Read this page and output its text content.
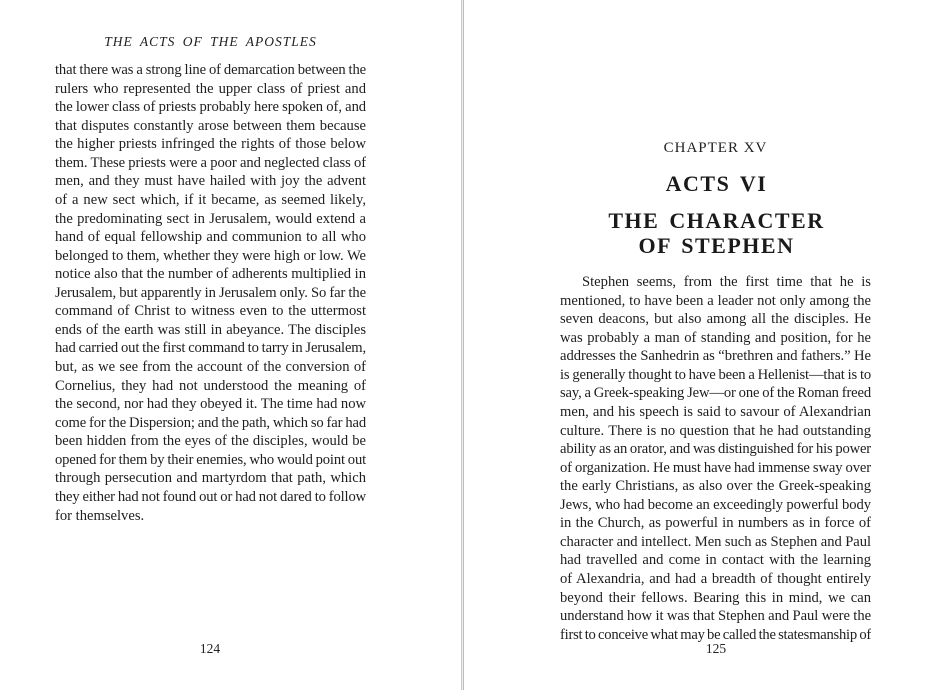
THE ACTS OF THE APOSTLES
that there was a strong line of demarcation between the
rulers who represented the upper class of priest and
the lower class of priests probably here spoken of, and
that disputes constantly arose between them because
the higher priests infringed the rights of those below
them. These priests were a poor and neglected class of
men, and they must have hailed with joy the advent
of a new sect which, if it became, as seemed likely,
the predominating sect in Jerusalem, would extend a
hand of equal fellowship and communion to all who
belonged to them, whether they were high or low. We
notice also that the number of adherents multiplied in
Jerusalem, but apparently in Jerusalem only. So far the
command of Christ to witness even to the uttermost
ends of the earth was still in abeyance. The disciples
had carried out the first command to tarry in Jerusalem,
but, as we see from the account of the conversion of
Cornelius, they had not understood the meaning of
the second, nor had they obeyed it. The time had now
come for the Dispersion; and the path, which so far had
been hidden from the eyes of the disciples, would be
opened for them by their enemies, who would point out
through persecution and martyrdom that path, which
they either had not found out or had not dared to follow
for themselves.
124
CHAPTER XV
ACTS VI
THE CHARACTER
OF STEPHEN
Stephen seems, from the first time that he is
mentioned, to have been a leader not only among the
seven deacons, but also among all the disciples. He
was probably a man of standing and position, for he
addresses the Sanhedrin as “brethren and fathers.” He
is generally thought to have been a Hellenist—that is to
say, a Greek-speaking Jew—or one of the Roman freed
men, and his speech is said to savour of Alexandrian
culture. There is no question that he had outstanding
ability as an orator, and was distinguished for his power
of organization. He must have had immense sway over
the early Christians, as also over the Greek-speaking
Jews, who had become an exceedingly powerful body
in the Church, as powerful in numbers as in force of
character and intellect. Men such as Stephen and Paul
had travelled and come in contact with the learning
of Alexandria, and had a breadth of thought entirely
beyond their fellows. Bearing this in mind, we can
understand how it was that Stephen and Paul were the
first to conceive what may be called the statesmanship of
125
